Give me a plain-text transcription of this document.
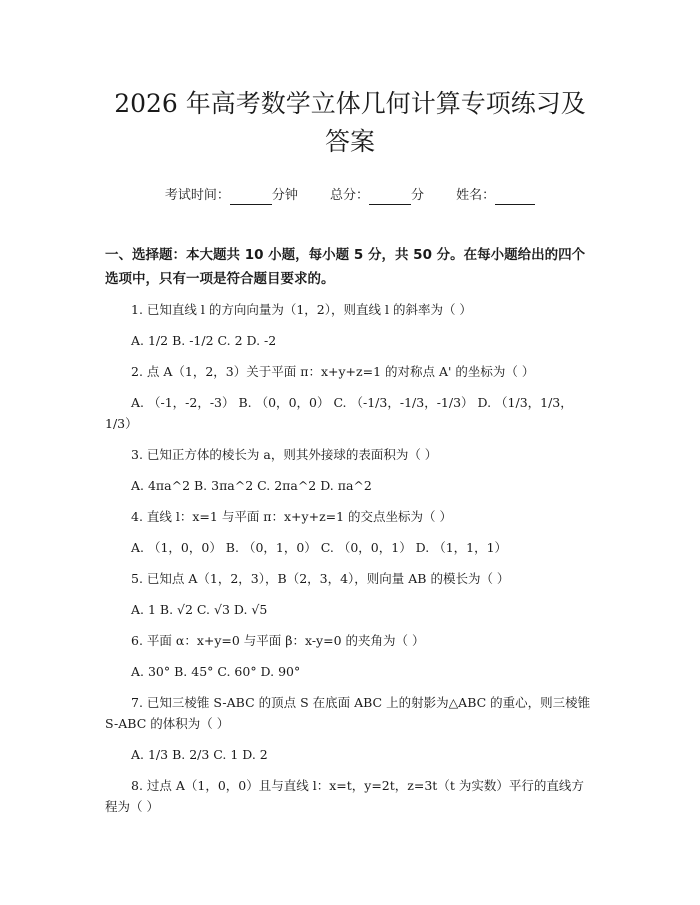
2026 年高考数学立体几何计算专项练习及答案
考试时间：	分钟 总分：	分 姓名：
一、选择题：本大题共 10 小题，每小题 5 分，共 50 分。在每小题给出的四个选项中，只有一项是符合题目要求的。

1. 已知直线 l 的方向向量为（1，2），则直线 l 的斜率为（ ）

A. 1/2 B. -1/2 C. 2 D. -2

2. 点 A（1，2，3）关于平面 π：x+y+z=1 的对称点 A' 的坐标为（ ）

A. （-1，-2，-3） B. （0，0，0） C. （-1/3，-1/3，-1/3） D. （1/3，1/3，1/3）

3. 已知正方体的棱长为 a，则其外接球的表面积为（ ）

A. 4πa^2 B. 3πa^2 C. 2πa^2 D. πa^2

4. 直线 l：x=1 与平面 π：x+y+z=1 的交点坐标为（ ）

A. （1，0，0） B. （0，1，0） C. （0，0，1） D. （1，1，1）

5. 已知点 A（1，2，3），B（2，3，4），则向量 AB 的模长为（ ）

A. 1 B. √2 C. √3 D. √5

6. 平面 α：x+y=0 与平面 β：x-y=0 的夹角为（ ）

A. 30° B. 45° C. 60° D. 90°

7. 已知三棱锥 S-ABC 的顶点 S 在底面 ABC 上的射影为△ABC 的重心，则三棱锥 S-ABC 的体积为（ ）

A. 1/3 B. 2/3 C. 1 D. 2

8. 过点 A（1，0，0）且与直线 l：x=t，y=2t，z=3t（t 为实数）平行的直线方程为（ ）
